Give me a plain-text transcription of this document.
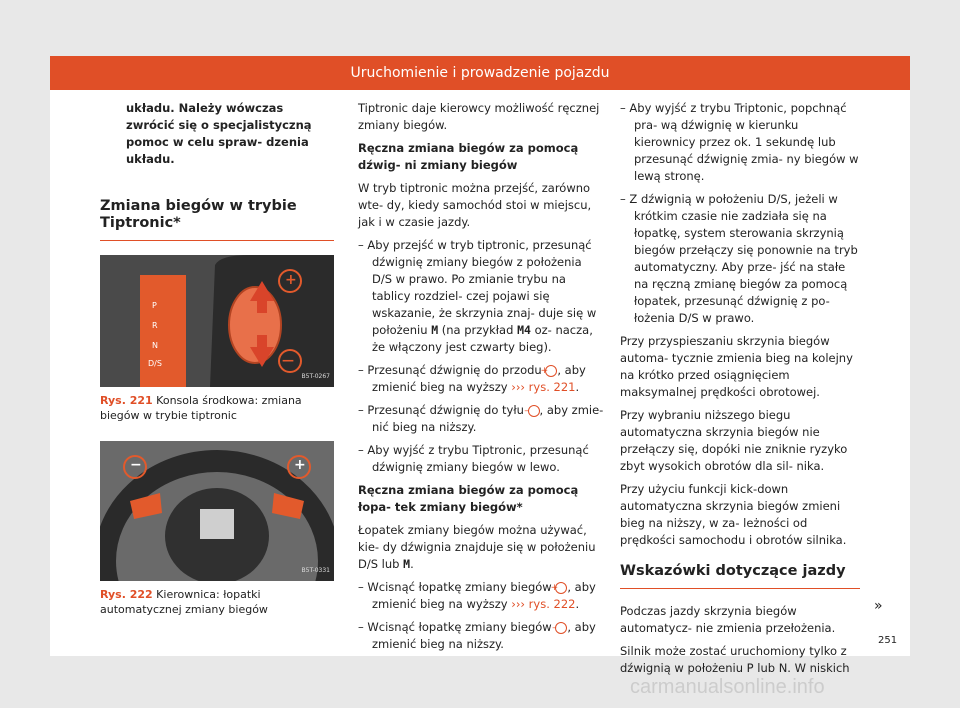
Uruchomienie i prowadzenie pojazdu

układu. Należy wówczas zwrócić się o specjalistyczną pomoc w celu spraw- dzenia układu.

Zmiana biegów w trybie Tiptronic*
P
R
N
D/S
+
—
B5T-0267
Rys. 221 Konsola środkowa: zmiana biegów w trybie tiptronic
−	+
B5T-0331
Rys. 222 Kierownica: łopatki automatycznej zmiany biegów

Tiptronic daje kierowcy możliwość ręcznej zmiany biegów.

Ręczna zmiana biegów za pomocą dźwig- ni zmiany biegów

W tryb tiptronic można przejść, zarówno wte- dy, kiedy samochód stoi w miejscu, jak i w czasie jazdy.

– Aby przejść w tryb tiptronic, przesunąć dźwignię zmiany biegów z położenia D/S w prawo. Po zmianie trybu na tablicy rozdziel- czej pojawi się wskazanie, że skrzynia znaj- duje się w położeniu M (na przykład M4 oz- nacza, że włączony jest czwarty bieg).

– Przesunąć dźwignię do przodu + , aby zmienić bieg na wyższy ››› rys. 221.

– Przesunąć dźwignię do tyłu – , aby zmie- nić bieg na niższy.

– Aby wyjść z trybu Tiptronic, przesunąć dźwignię zmiany biegów w lewo.

Ręczna zmiana biegów za pomocą łopa- tek zmiany biegów*

Łopatek zmiany biegów można używać, kie- dy dźwignia znajduje się w położeniu D/S lub M.

– Wcisnąć łopatkę zmiany biegów + , aby zmienić bieg na wyższy ››› rys. 222.

– Wcisnąć łopatkę zmiany biegów – , aby zmienić bieg na niższy.

– Aby wyjść z trybu Triptonic, popchnąć pra- wą dźwignię w kierunku kierownicy przez ok. 1 sekundę lub przesunąć dźwignię zmia- ny biegów w lewą stronę.

– Z dźwignią w położeniu D/S, jeżeli w krótkim czasie nie zadziała się na łopatkę, system sterowania skrzynią biegów przełączy się ponownie na tryb automatyczny. Aby prze- jść na stałe na ręczną zmianę biegów za pomocą łopatek, przesunąć dźwignię z po- łożenia D/S w prawo.

Przy przyspieszaniu skrzynia biegów automa- tycznie zmienia bieg na kolejny na krótko przed osiągnięciem maksymalnej prędkości obrotowej.

Przy wybraniu niższego biegu automatyczna skrzynia biegów nie przełączy się, dopóki nie zniknie ryzyko zbyt wysokich obrotów dla sil- nika.

Przy użyciu funkcji kick-down automatyczna skrzynia biegów zmieni bieg na niższy, w za- leżności od prędkości samochodu i obrotów silnika.

Wskazówki dotyczące jazdy

Podczas jazdy skrzynia biegów automatycz- nie zmienia przełożenia.

Silnik może zostać uruchomiony tylko z dźwignią w położeniu P lub N. W niskich

»
251
carmanualsonline.info
